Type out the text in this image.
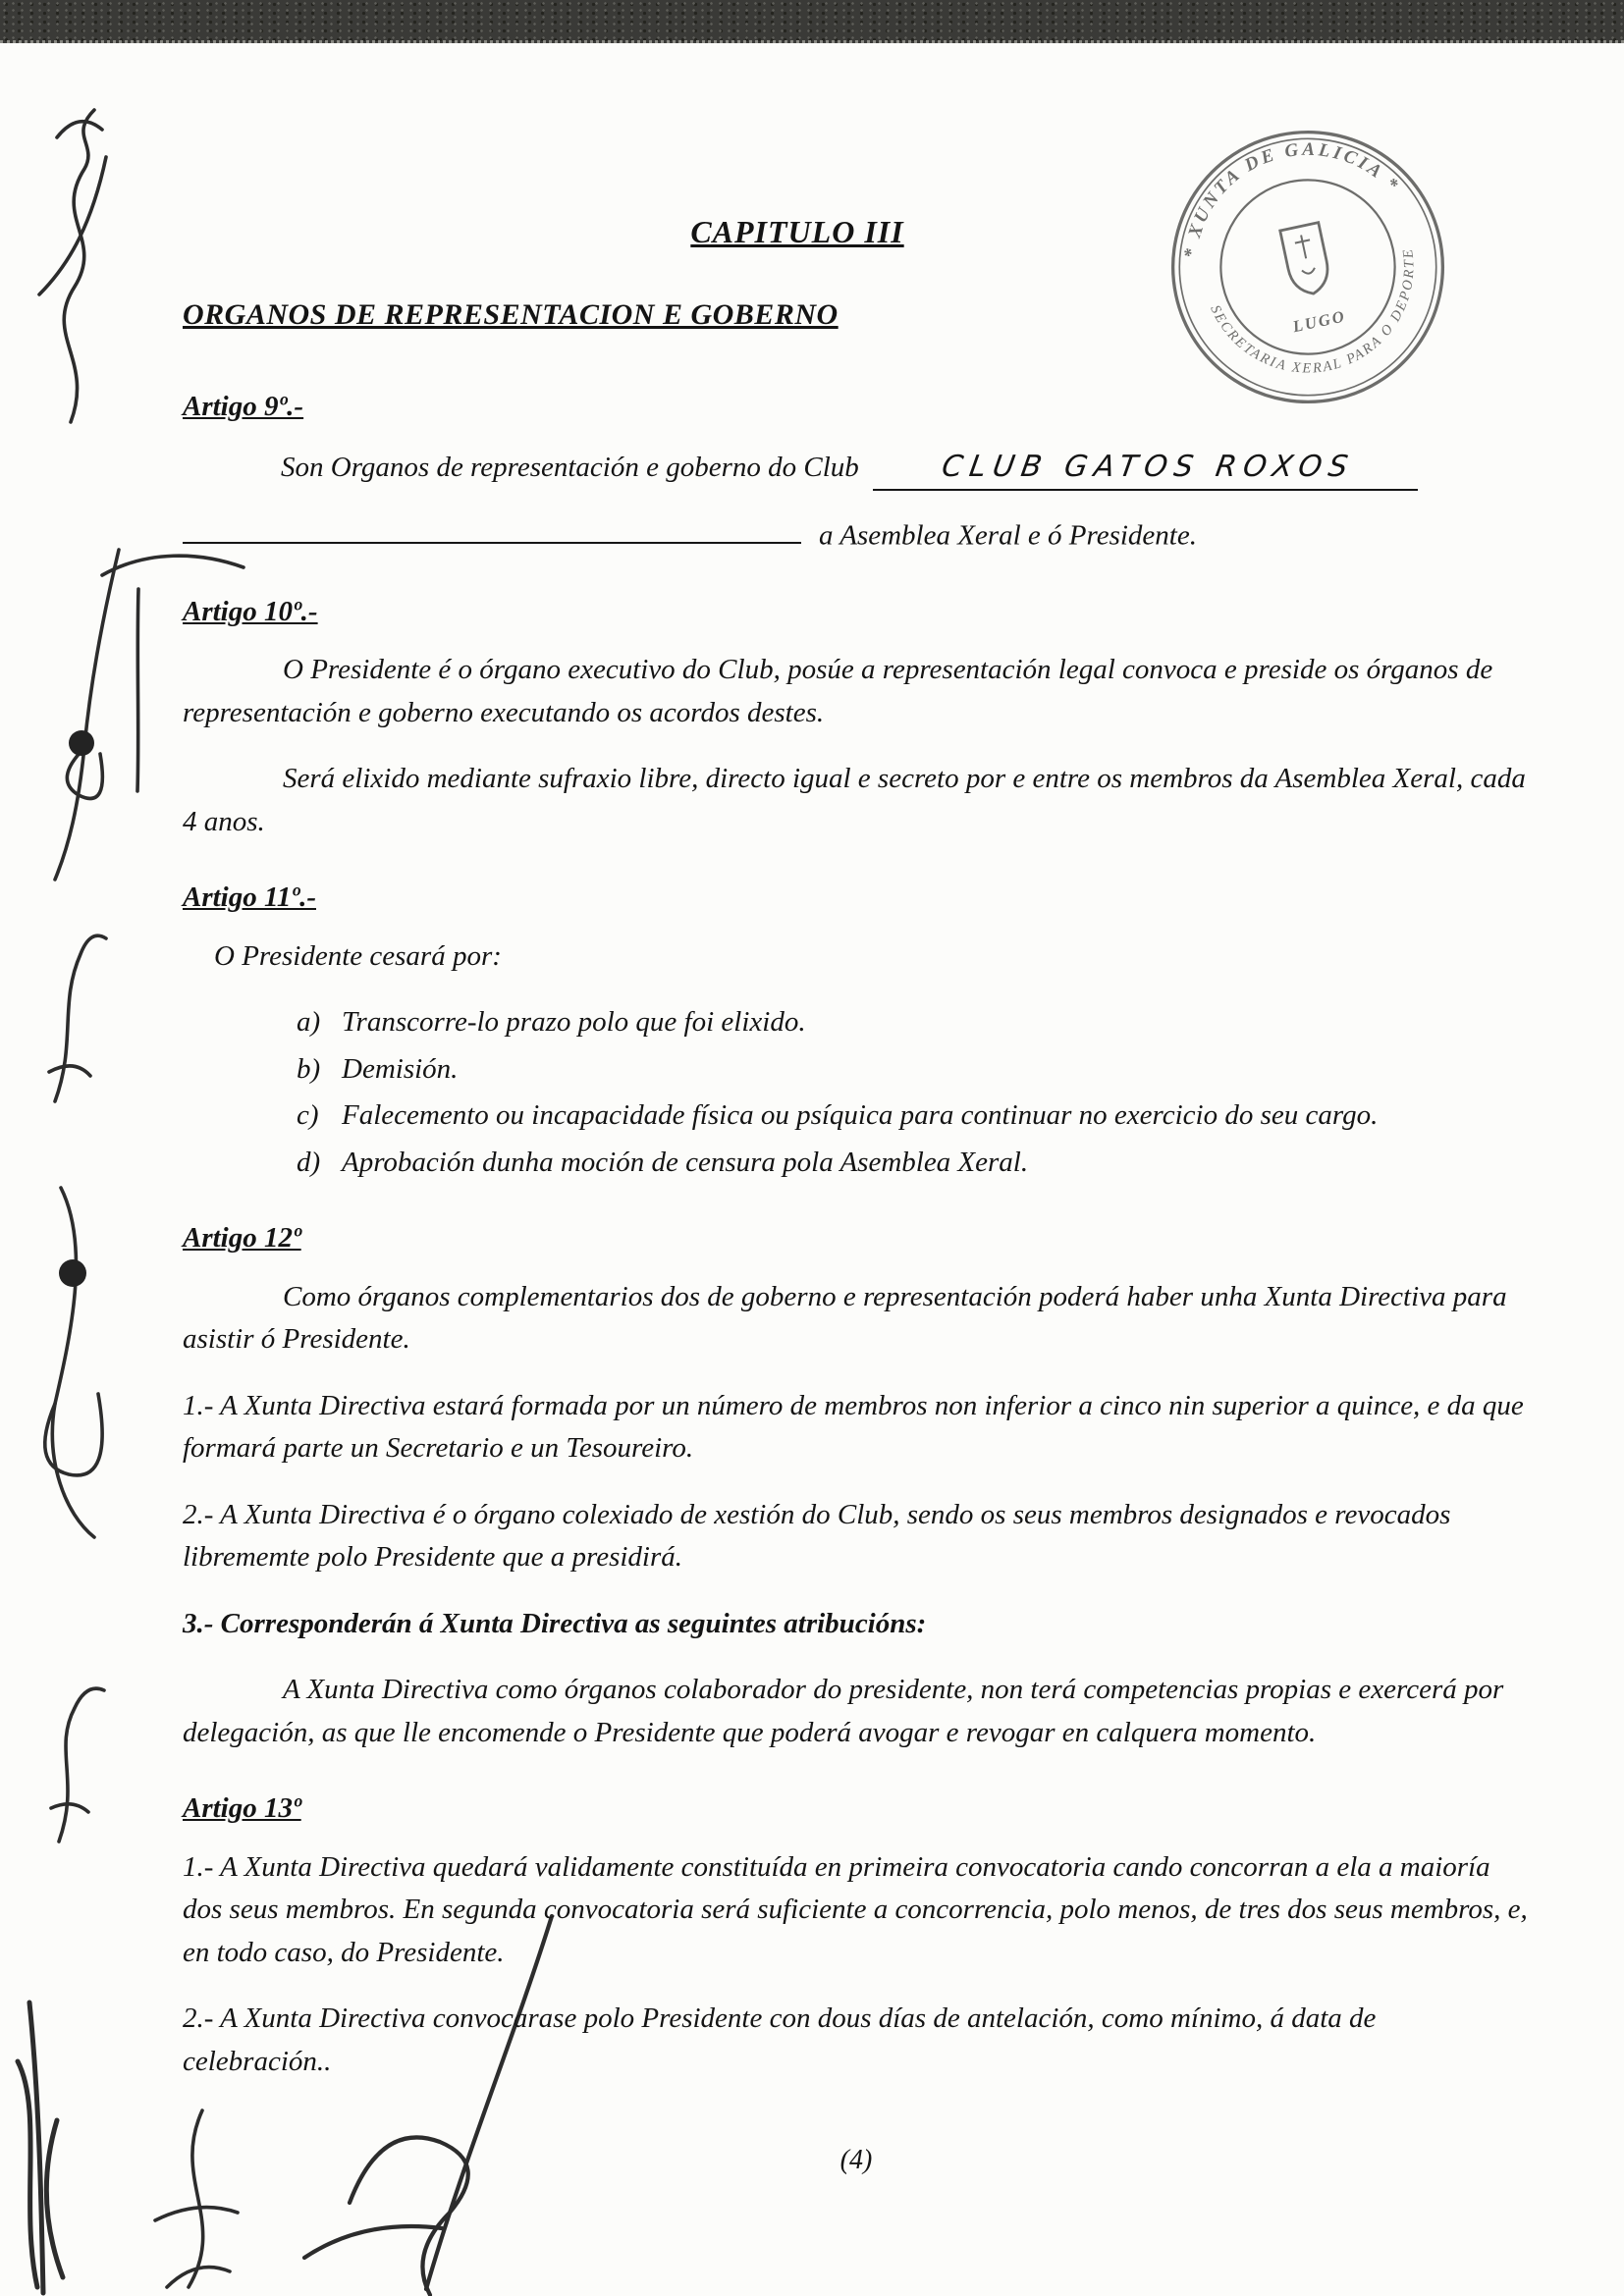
* XUNTA DE GALICIA *
SECRETARIA XERAL PARA O DEPORTE
LUGO
CAPITULO III
ORGANOS DE REPRESENTACION E GOBERNO
Artigo 9º.-
Son Organos de representación e goberno do Club	CLUB GATOS ROXOS
a Asemblea Xeral e ó Presidente.
Artigo 10º.-

O Presidente é o órgano executivo do Club, posúe a representación legal convoca e preside os órganos de representación e goberno executando os acordos destes.

Será elixido mediante sufraxio libre, directo igual e secreto por e entre os membros da Asemblea Xeral, cada 4 anos.

Artigo 11º.-

O Presidente cesará por:

a) Transcorre-lo prazo polo que foi elixido.
b) Demisión.
c) Falecemento ou incapacidade física ou psíquica para continuar no exercicio do seu cargo.
d) Aprobación dunha moción de censura pola Asemblea Xeral.
Artigo 12º

Como órganos complementarios dos de goberno e representación poderá haber unha Xunta Directiva para asistir ó Presidente.

1.- A Xunta Directiva estará formada por un número de membros non inferior a cinco nin superior a quince, e da que formará parte un Secretario e un Tesoureiro.

2.- A Xunta Directiva é o órgano colexiado de xestión do Club, sendo os seus membros designados e revocados librememte polo Presidente que a presidirá.

3.- Corresponderán á Xunta Directiva as seguintes atribucións:

A Xunta Directiva como órganos colaborador do presidente, non terá competencias propias e exercerá por delegación, as que lle encomende o Presidente que poderá avogar e revogar en calquera momento.

Artigo 13º

1.- A Xunta Directiva quedará validamente constituída en primeira convocatoria cando concorran a ela a maioría dos seus membros. En segunda convocatoria será suficiente a concorrencia, polo menos, de tres dos seus membros, e, en todo caso, do Presidente.

2.- A Xunta Directiva convocarase polo Presidente con dous días de antelación, como mínimo, á data de celebración..

(4)
